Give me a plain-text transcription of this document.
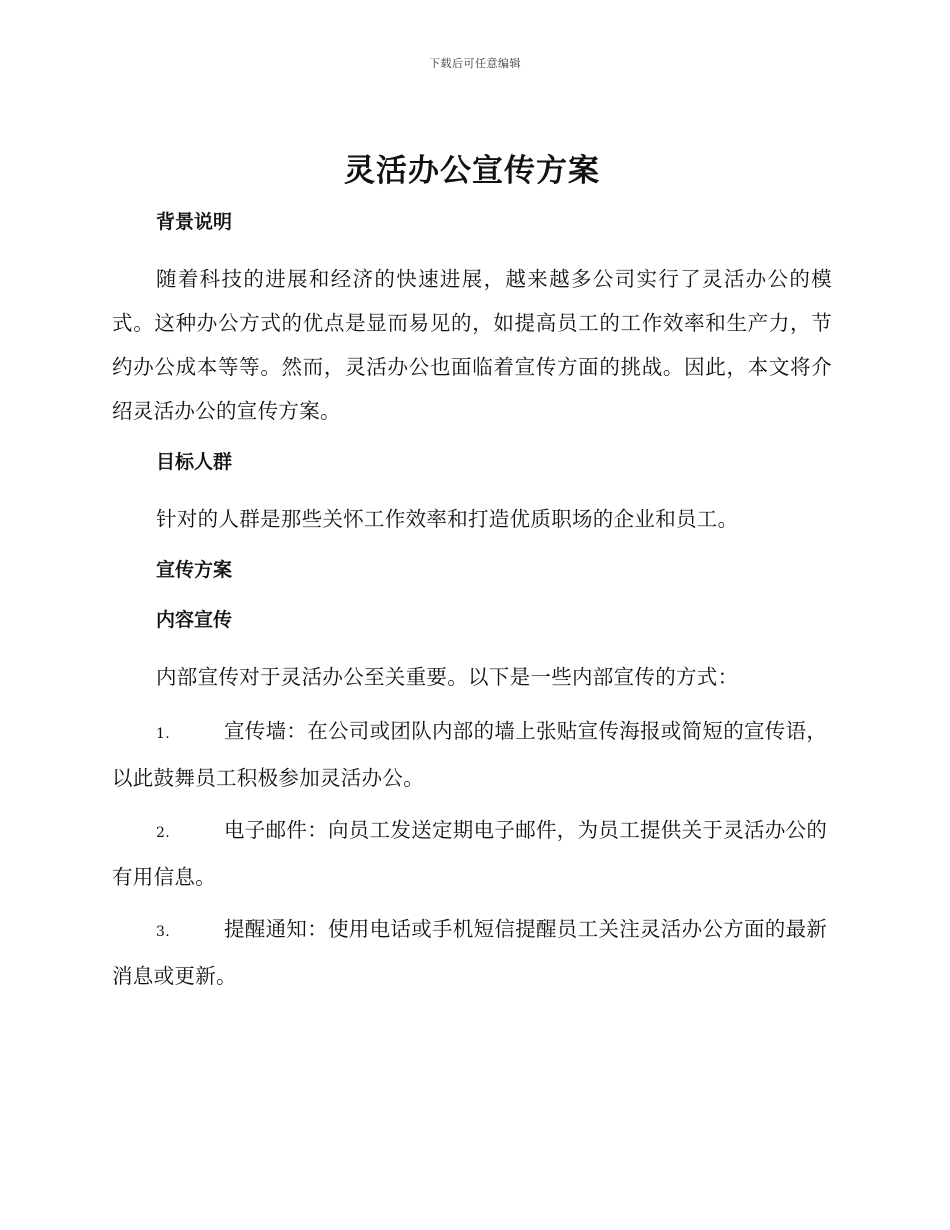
下载后可任意编辑
灵活办公宣传方案
背景说明

随着科技的进展和经济的快速进展，越来越多公司实行了灵活办公的模式。这种办公方式的优点是显而易见的，如提高员工的工作效率和生产力，节约办公成本等等。然而，灵活办公也面临着宣传方面的挑战。因此，本文将介绍灵活办公的宣传方案。

目标人群

针对的人群是那些关怀工作效率和打造优质职场的企业和员工。

宣传方案
内容宣传

内部宣传对于灵活办公至关重要。以下是一些内部宣传的方式：

1.	宣传墙：在公司或团队内部的墙上张贴宣传海报或简短的宣传语，以此鼓舞员工积极参加灵活办公。

2.	电子邮件：向员工发送定期电子邮件，为员工提供关于灵活办公的有用信息。

3.	提醒通知：使用电话或手机短信提醒员工关注灵活办公方面的最新消息或更新。
